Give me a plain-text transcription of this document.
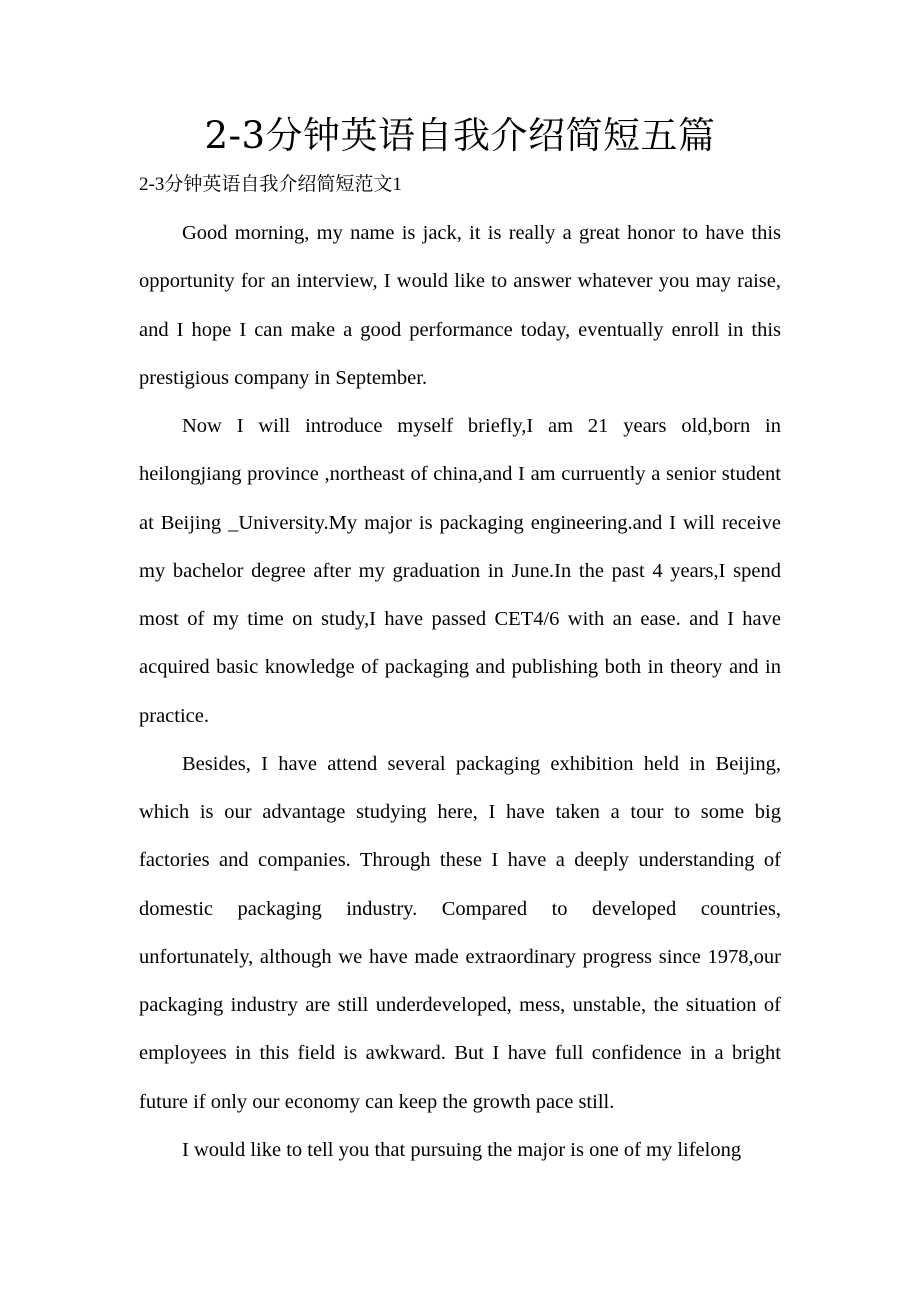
2-3分钟英语自我介绍简短五篇
2-3分钟英语自我介绍简短范文1

Good morning, my name is jack, it is really a great honor to have this opportunity for an interview, I would like to answer whatever you may raise, and I hope I can make a good performance today, eventually enroll in this prestigious company in September.

Now I will introduce myself briefly,I am 21 years old,born in heilongjiang province ,northeast of china,and I am curruently a senior student at Beijing _University.My major is packaging engineering.and I will receive my bachelor degree after my graduation in June.In the past 4 years,I spend most of my time on study,I have passed CET4/6 with an ease. and I have acquired basic knowledge of packaging and publishing both in theory and in practice.

Besides, I have attend several packaging exhibition held in Beijing, which is our advantage studying here, I have taken a tour to some big factories and companies. Through these I have a deeply understanding of domestic packaging industry. Compared to developed countries, unfortunately, although we have made extraordinary progress since 1978,our packaging industry are still underdeveloped, mess, unstable, the situation of employees in this field is awkward. But I have full confidence in a bright future if only our economy can keep the growth pace still.

I would like to tell you that pursuing the major is one of my lifelong
